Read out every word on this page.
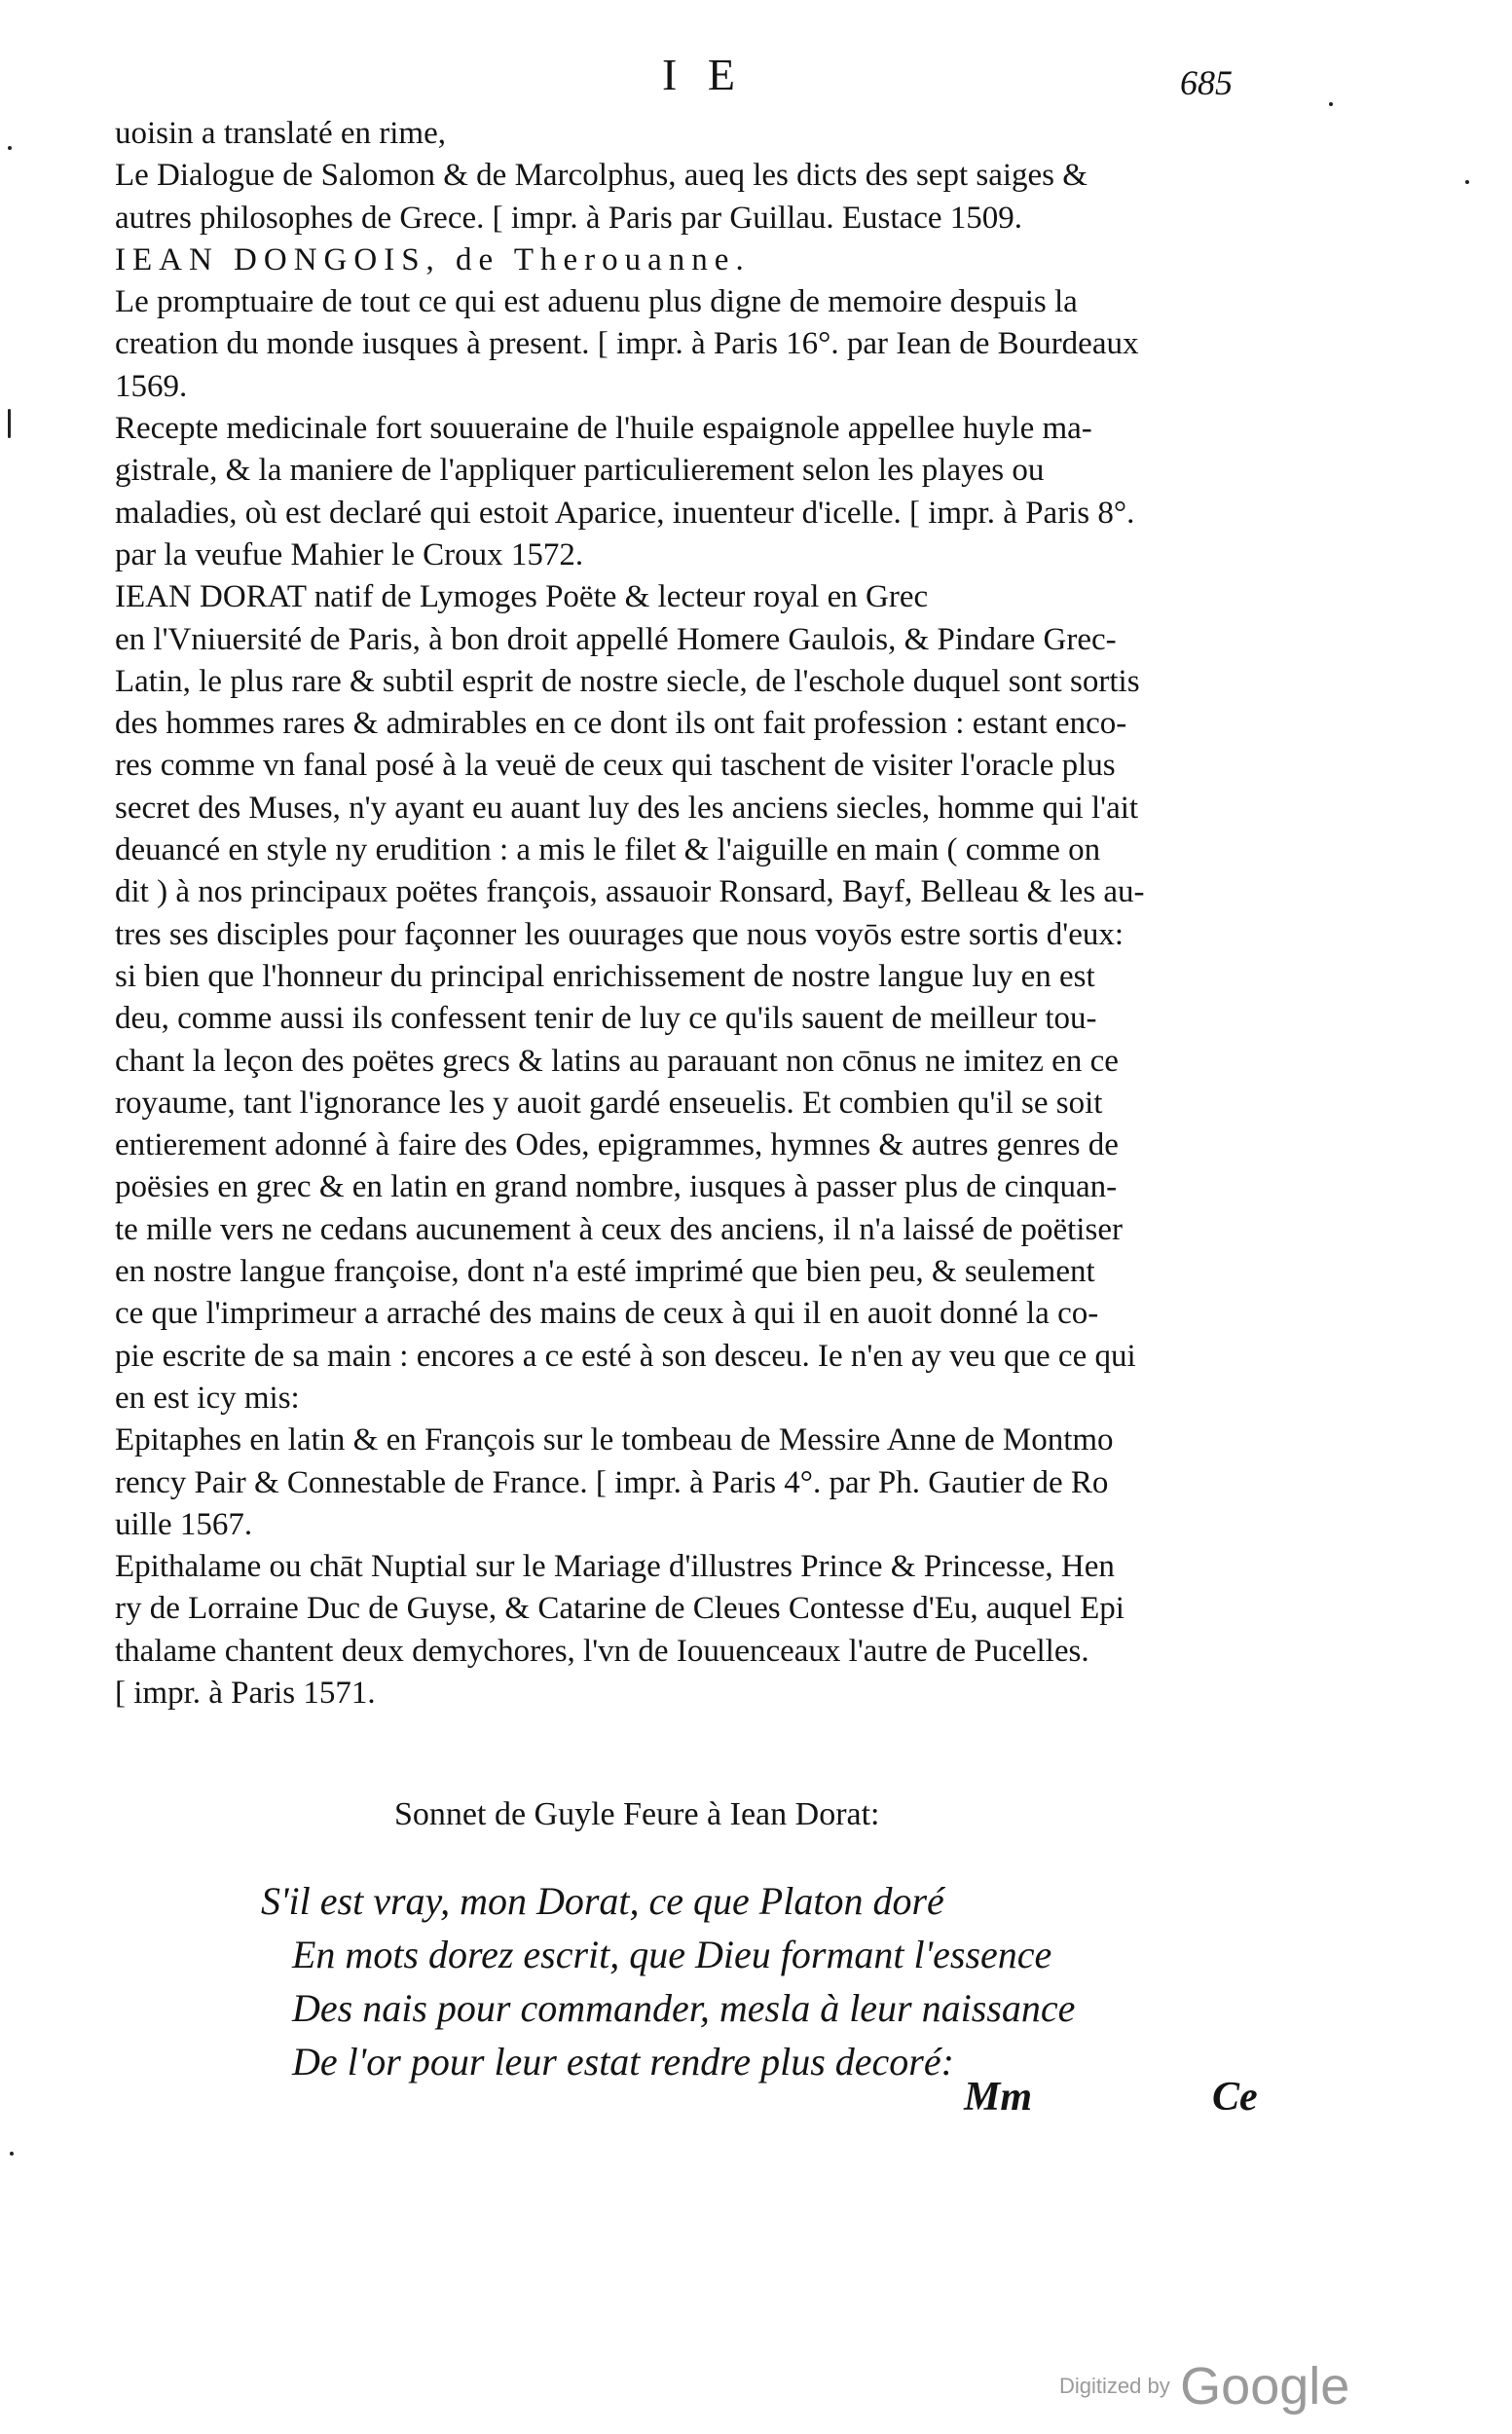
I E	685

uoisin a translaté en rime,

Le Dialogue de Salomon & de Marcolphus, aueq les dicts des sept saiges &

autres philosophes de Grece. [ impr. à Paris par Guillau. Eustace 1509.

IEAN DONGOIS, de Therouanne.

Le promptuaire de tout ce qui est aduenu plus digne de memoire despuis la

creation du monde iusques à present. [ impr. à Paris 16°. par Iean de Bourdeaux

1569.

Recepte medicinale fort souueraine de l'huile espaignole appellee huyle ma-

gistrale, & la maniere de l'appliquer particulierement selon les playes ou

maladies, où est declaré qui estoit Aparice, inuenteur d'icelle. [ impr. à Paris 8°.

par la veufue Mahier le Croux 1572.

IEAN DORAT natif de Lymoges Poëte & lecteur royal en Grec

en l'Vniuersité de Paris, à bon droit appellé Homere Gaulois, & Pindare Grec-

Latin, le plus rare & subtil esprit de nostre siecle, de l'eschole duquel sont sortis

des hommes rares & admirables en ce dont ils ont fait profession : estant enco-

res comme vn fanal posé à la veuë de ceux qui taschent de visiter l'oracle plus

secret des Muses, n'y ayant eu auant luy des les anciens siecles, homme qui l'ait

deuancé en style ny erudition : a mis le filet & l'aiguille en main ( comme on

dit ) à nos principaux poëtes françois, assauoir Ronsard, Bayf, Belleau & les au-

tres ses disciples pour façonner les ouurages que nous voyōs estre sortis d'eux:

si bien que l'honneur du principal enrichissement de nostre langue luy en est

deu, comme aussi ils confessent tenir de luy ce qu'ils sauent de meilleur tou-

chant la leçon des poëtes grecs & latins au parauant non cōnus ne imitez en ce

royaume, tant l'ignorance les y auoit gardé enseuelis. Et combien qu'il se soit

entierement adonné à faire des Odes, epigrammes, hymnes & autres genres de

poësies en grec & en latin en grand nombre, iusques à passer plus de cinquan-

te mille vers ne cedans aucunement à ceux des anciens, il n'a laissé de poëtiser

en nostre langue françoise, dont n'a esté imprimé que bien peu, & seulement

ce que l'imprimeur a arraché des mains de ceux à qui il en auoit donné la co-

pie escrite de sa main : encores a ce esté à son desceu. Ie n'en ay veu que ce qui

en est icy mis:

Epitaphes en latin & en François sur le tombeau de Messire Anne de Montmo

rency Pair & Connestable de France. [ impr. à Paris 4°. par Ph. Gautier de Ro

uille 1567.

Epithalame ou chāt Nuptial sur le Mariage d'illustres Prince & Princesse, Hen

ry de Lorraine Duc de Guyse, & Catarine de Cleues Contesse d'Eu, auquel Epi

thalame chantent deux demychores, l'vn de Iouuenceaux l'autre de Pucelles.

[ impr. à Paris 1571.

Sonnet de Guyle Feure à Iean Dorat:
S'il est vray, mon Dorat, ce que Platon doré
En mots dorez escrit, que Dieu formant l'essence
Des nais pour commander, mesla à leur naissance
De l'or pour leur estat rendre plus decoré:
Mm	Ce
Digitized by Google
